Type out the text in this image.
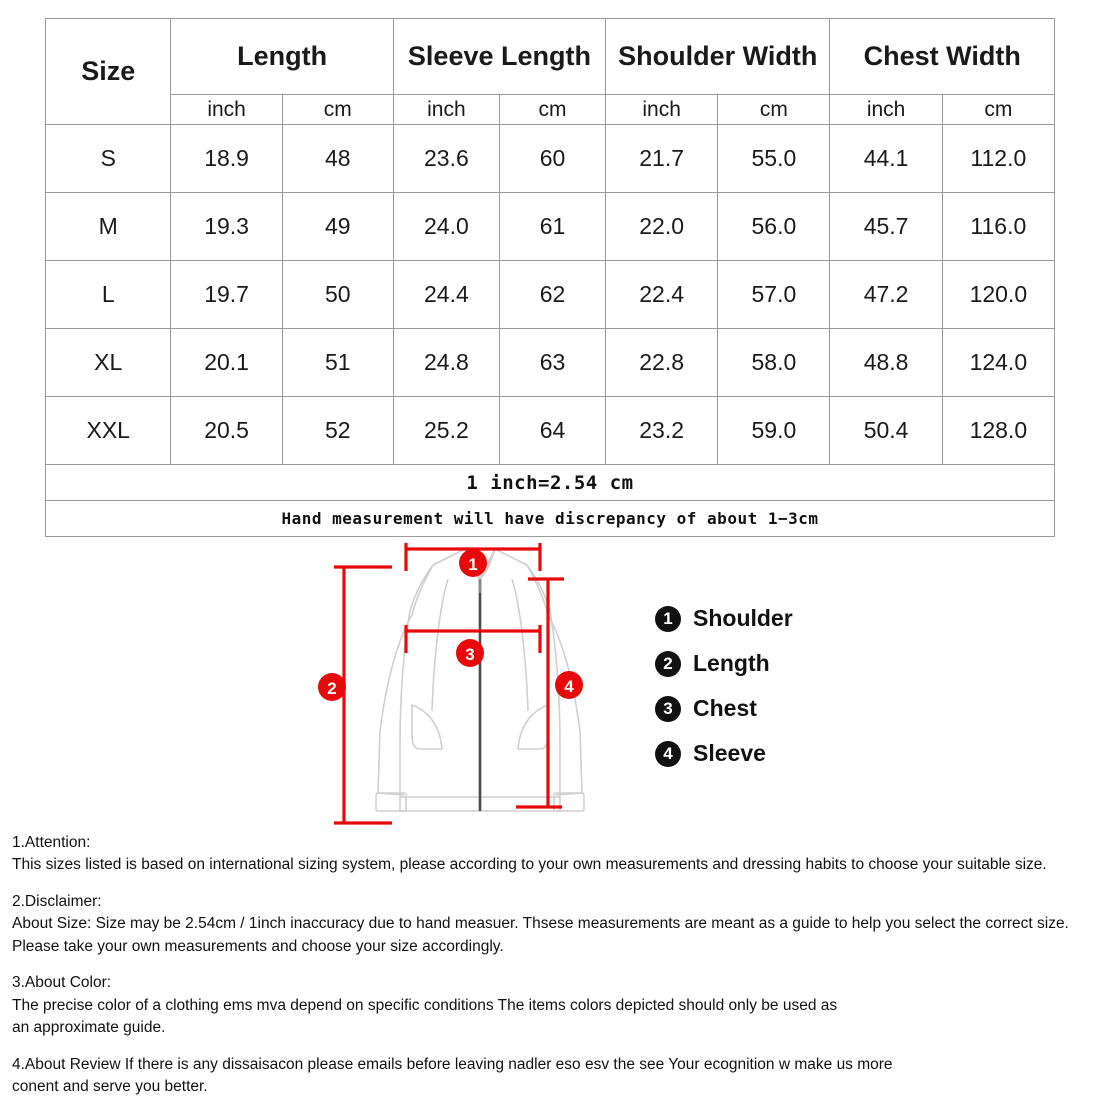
Size	Length		Sleeve Length		Shoulder Width		Chest Width	
	inch	cm	inch	cm	inch	cm	inch	cm
S	18.9	48	23.6	60	21.7	55.0	44.1	112.0
M	19.3	49	24.0	61	22.0	56.0	45.7	116.0
L	19.7	50	24.4	62	22.4	57.0	47.2	120.0
XL	20.1	51	24.8	63	22.8	58.0	48.8	124.0
XXL	20.5	52	25.2	64	23.2	59.0	50.4	128.0
1 inch=2.54 cm								
Hand measurement will have discrepancy of about 1−3cm								
1
2
3
4
1 Shoulder
2 Length
3 Chest
4 Sleeve

1.Attention:

This sizes listed is based on international sizing system, please according to your own measurements and dressing habits to choose your suitable size.

2.Disclaimer:

About Size: Size may be 2.54cm / 1inch inaccuracy due to hand measuer. Thsese measurements are meant as a guide to help you select the correct size.

Please take your own measurements and choose your size accordingly.

3.About Color:

The precise color of a clothing ems mva depend on specific conditions The items colors depicted should only be used as

an approximate guide.

4.About Review If there is any dissaisacon please emails before leaving nadler eso esv the see Your ecognition w make us more

conent and serve you better.
